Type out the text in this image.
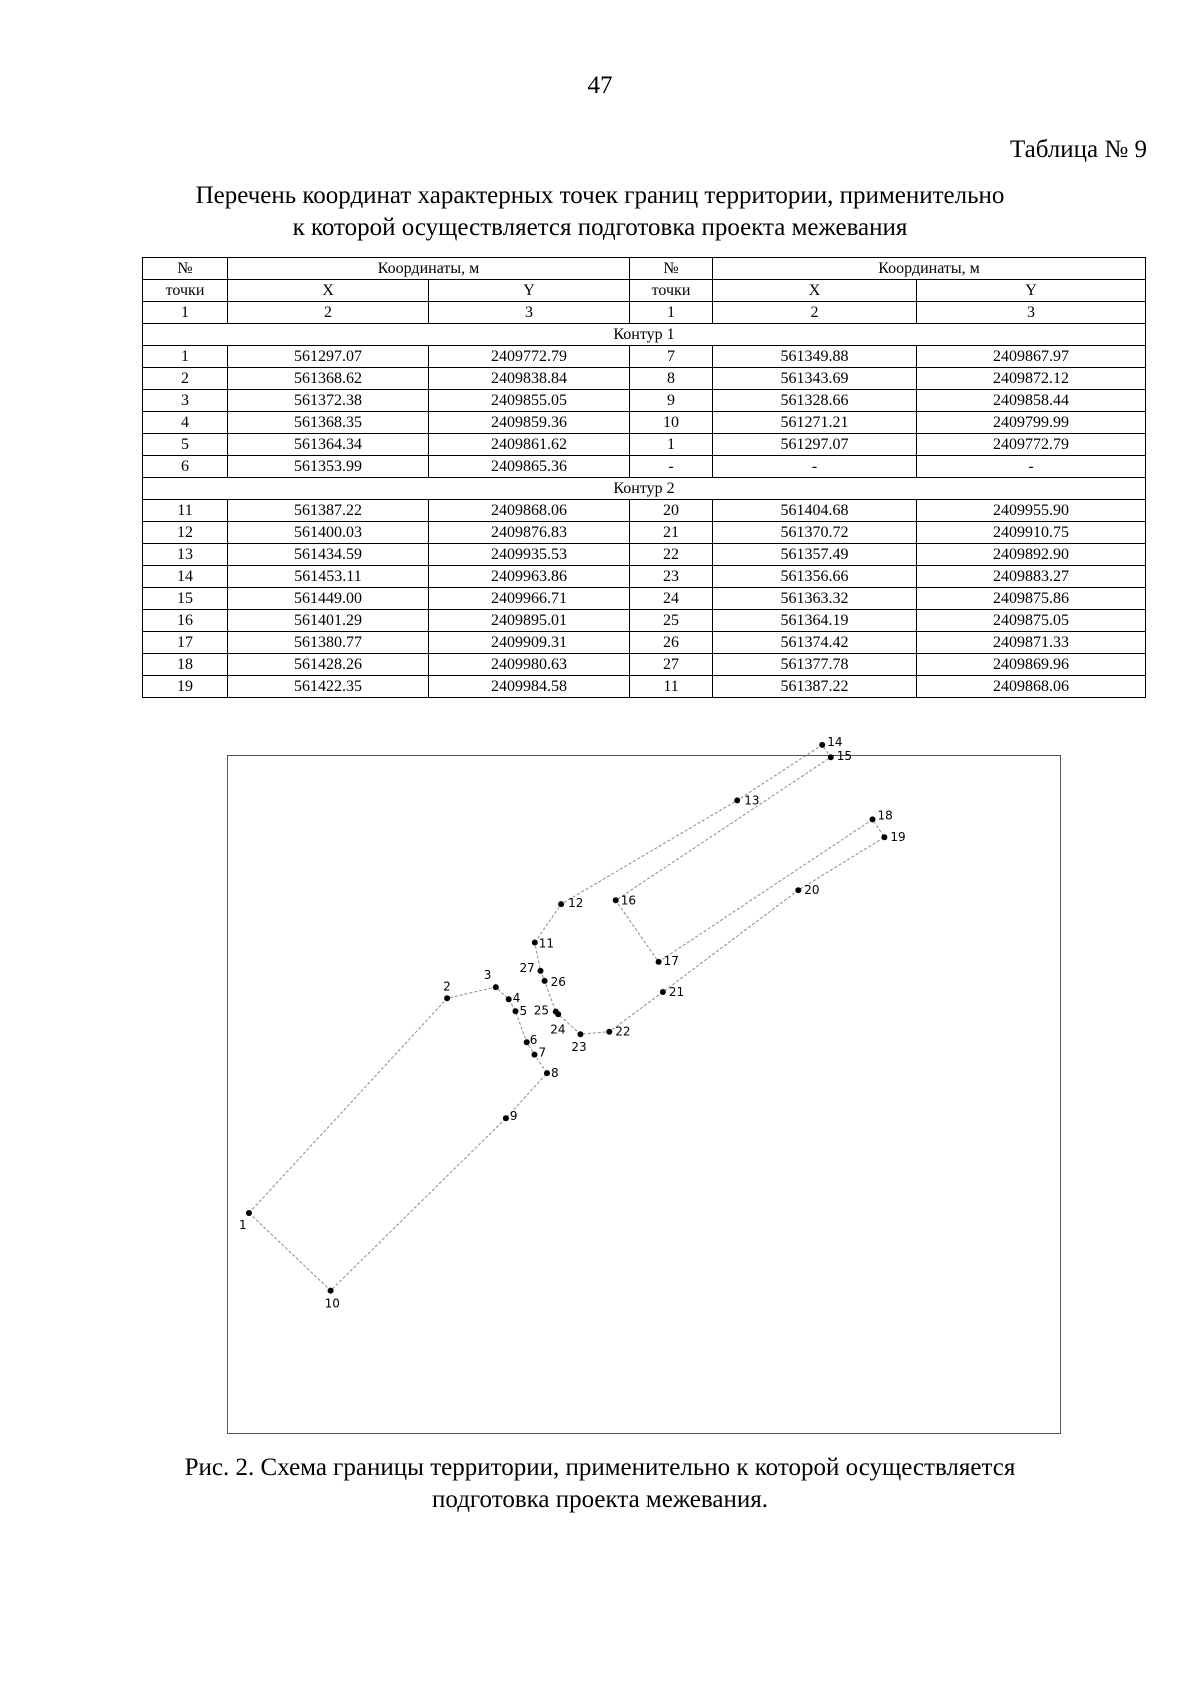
47
Таблица № 9
Перечень координат характерных точек границ территории, применительно
к которой осуществляется подготовка проекта межевания
№	Координаты, м		№	Координаты, м	
точки	X	Y	точки	X	Y
1	2	3	1	2	3
Контур 1					
1	561297.07	2409772.79	7	561349.88	2409867.97
2	561368.62	2409838.84	8	561343.69	2409872.12
3	561372.38	2409855.05	9	561328.66	2409858.44
4	561368.35	2409859.36	10	561271.21	2409799.99
5	561364.34	2409861.62	1	561297.07	2409772.79
6	561353.99	2409865.36	-	-	-
Контур 2					
11	561387.22	2409868.06	20	561404.68	2409955.90
12	561400.03	2409876.83	21	561370.72	2409910.75
13	561434.59	2409935.53	22	561357.49	2409892.90
14	561453.11	2409963.86	23	561356.66	2409883.27
15	561449.00	2409966.71	24	561363.32	2409875.86
16	561401.29	2409895.01	25	561364.19	2409875.05
17	561380.77	2409909.31	26	561374.42	2409871.33
18	561428.26	2409980.63	27	561377.78	2409869.96
19	561422.35	2409984.58	11	561387.22	2409868.06
1
2
3
4
5
6
7
8
9
10
11
12
13
14
15
16
17
18
19
20
21
22
23
24
25
26
27
Рис. 2. Схема границы территории, применительно к которой осуществляется
подготовка проекта межевания.
